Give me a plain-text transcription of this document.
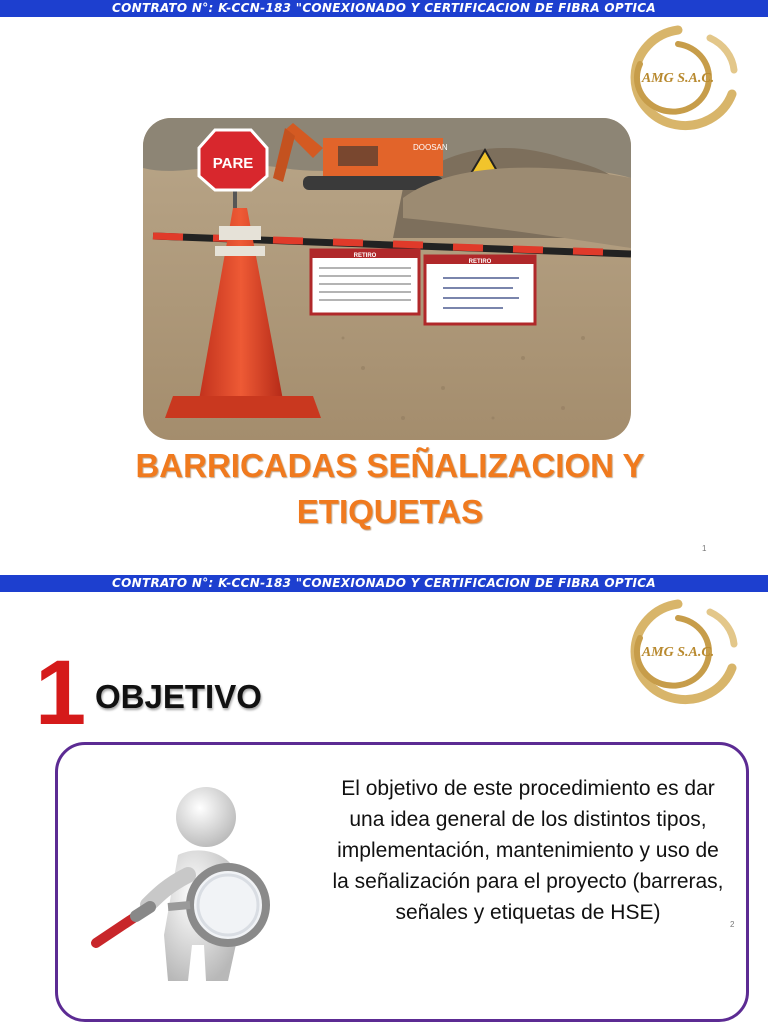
CONTRATO N°: K-CCN-183 "CONEXIONADO Y CERTIFICACION DE FIBRA OPTICA
AMG S.A.C.
DOOSAN
PARE
RETIRO
RETIRO
BARRICADAS SEÑALIZACION Y
ETIQUETAS
1
CONTRATO N°: K-CCN-183 "CONEXIONADO Y CERTIFICACION DE FIBRA OPTICA
AMG S.A.C.
1 OBJETIVO
El objetivo de este procedimiento es dar una idea general de los distintos tipos, implementación, mantenimiento y uso de la señalización para el proyecto (barreras, señales y etiquetas de HSE)
2
